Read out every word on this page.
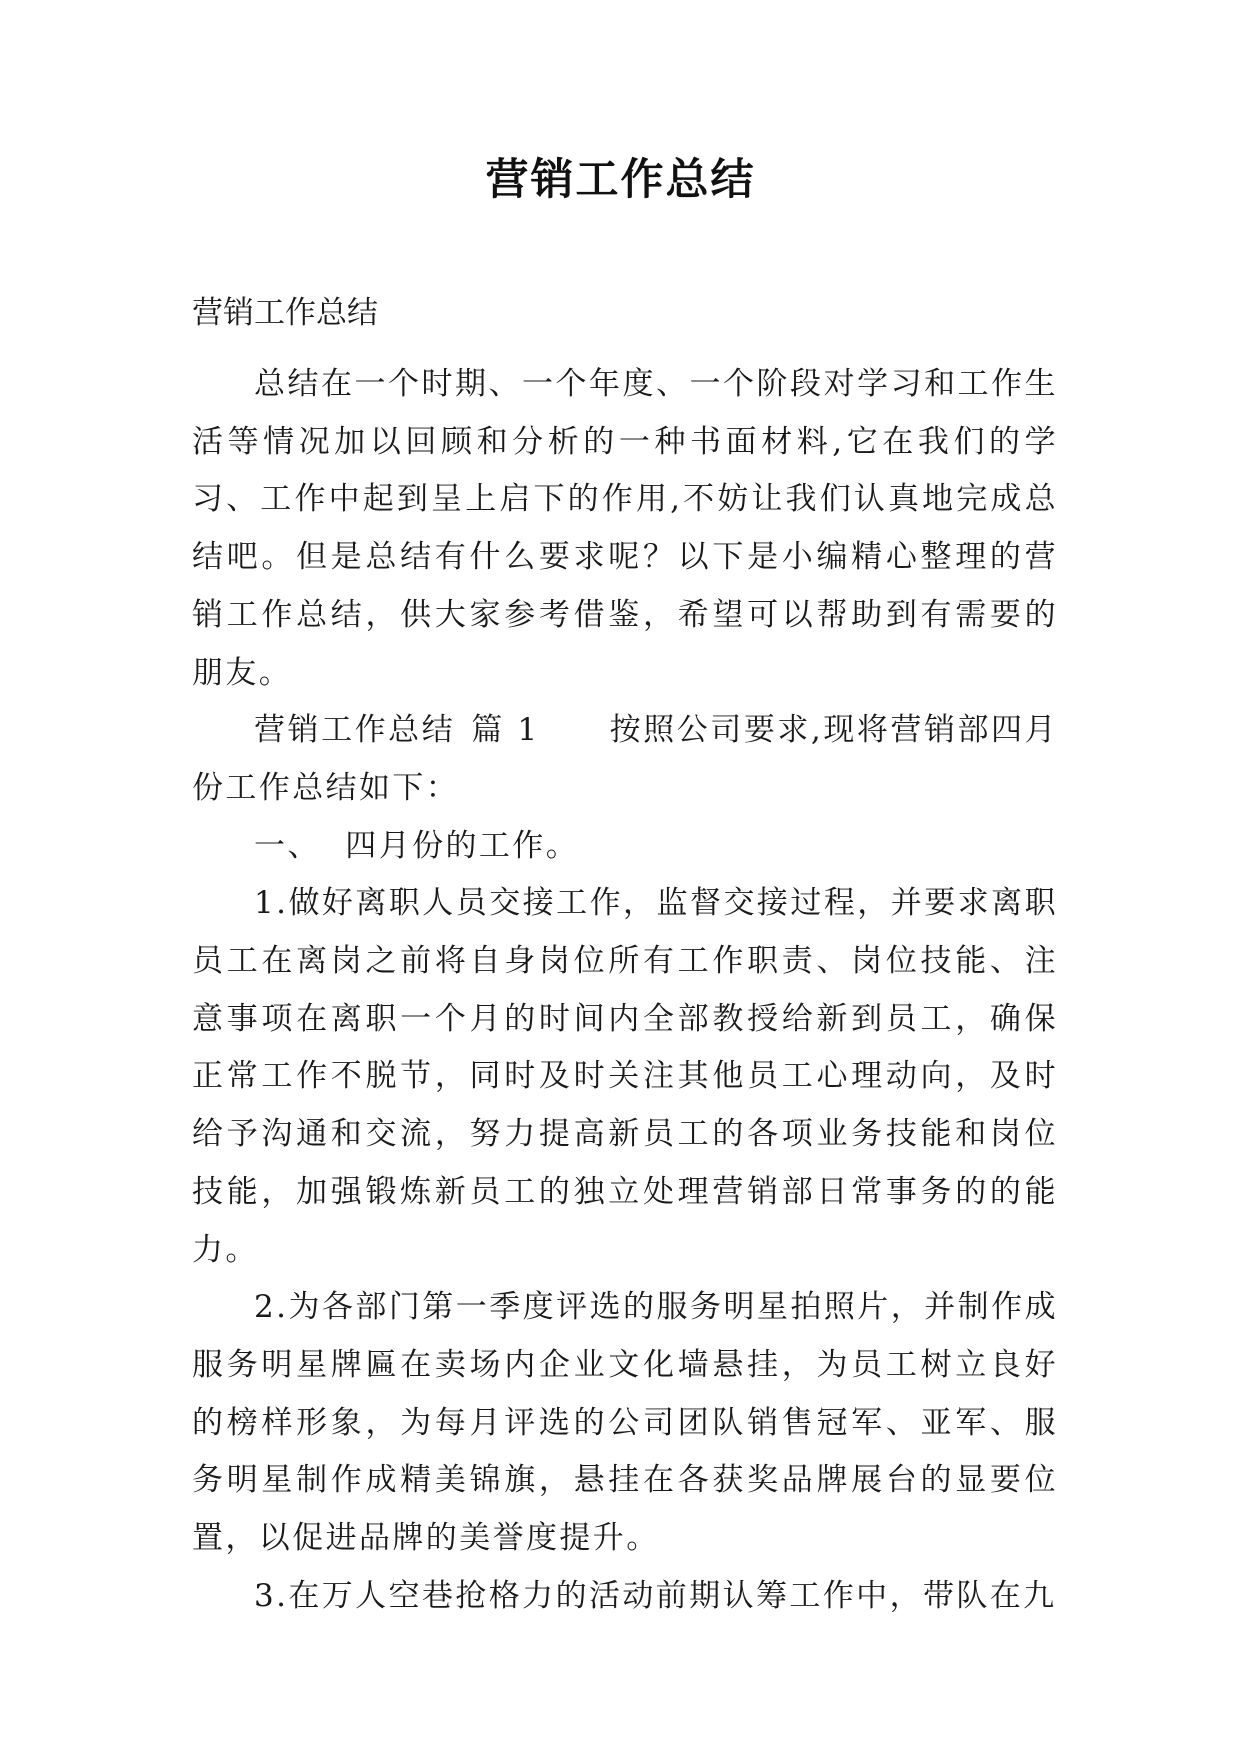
营销工作总结

营销工作总结

总结在一个时期、一个年度、一个阶段对学习和工作生活等情况加以回顾和分析的一种书面材料,它在我们的学习、工作中起到呈上启下的作用,不妨让我们认真地完成总结吧。但是总结有什么要求呢？以下是小编精心整理的营销工作总结，供大家参考借鉴，希望可以帮助到有需要的朋友。

营销工作总结 篇 1 按照公司要求,现将营销部四月份工作总结如下：

一、  四月份的工作。

1.做好离职人员交接工作，监督交接过程，并要求离职员工在离岗之前将自身岗位所有工作职责、岗位技能、注意事项在离职一个月的时间内全部教授给新到员工，确保正常工作不脱节，同时及时关注其他员工心理动向，及时给予沟通和交流，努力提高新员工的各项业务技能和岗位技能，加强锻炼新员工的独立处理营销部日常事务的的能力。

2.为各部门第一季度评选的服务明星拍照片，并制作成服务明星牌匾在卖场内企业文化墙悬挂，为员工树立良好的榜样形象，为每月评选的公司团队销售冠军、亚军、服务明星制作成精美锦旗，悬挂在各获奖品牌展台的显要位置，以促进品牌的美誉度提升。

3.在万人空巷抢格力的活动前期认筹工作中，带队在九
